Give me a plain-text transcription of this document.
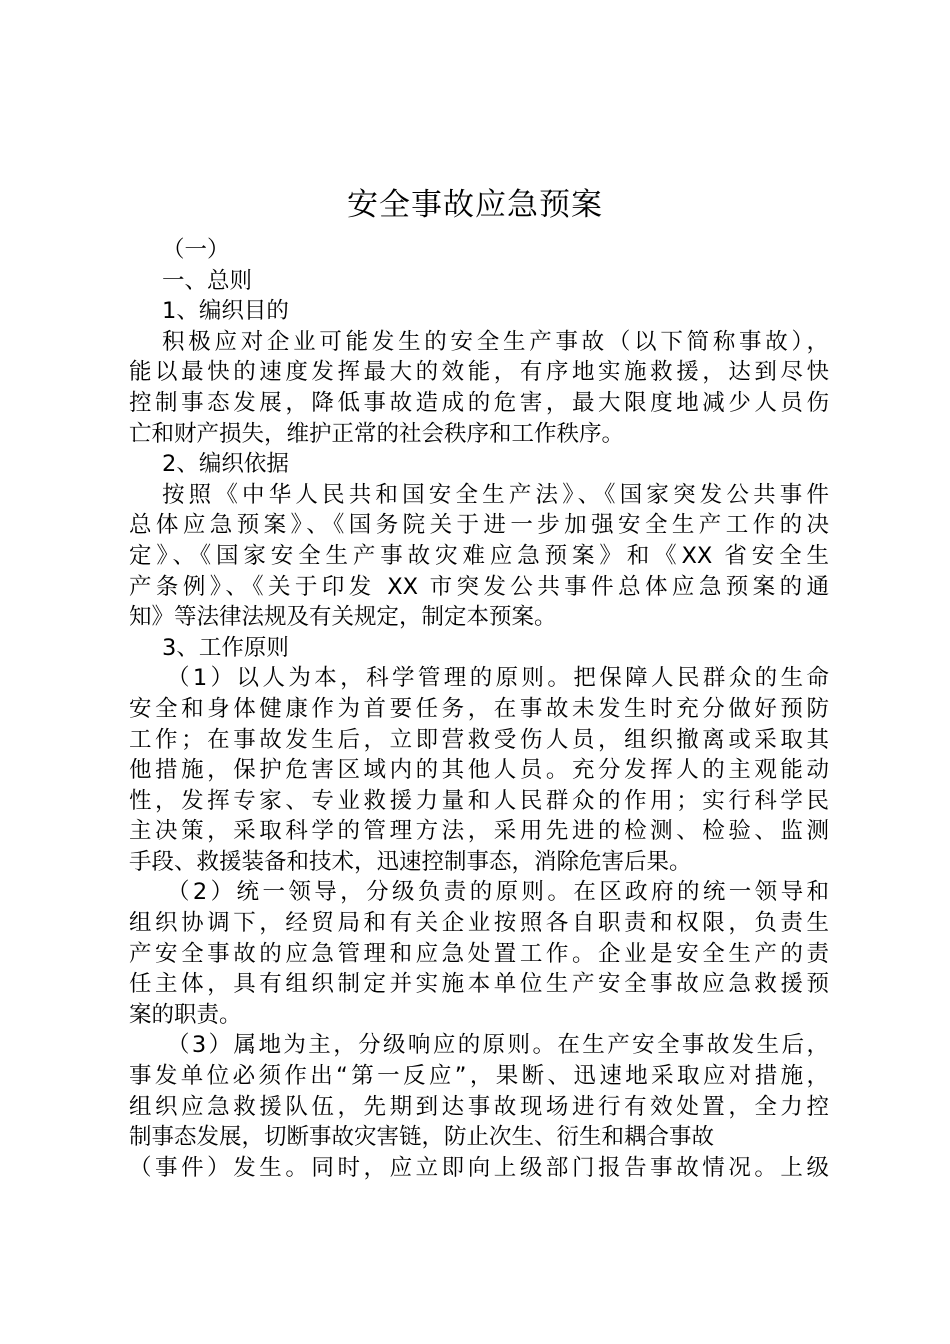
安全事故应急预案
（一）
一、总则
1、编织目的
积极应对企业可能发生的安全生产事故（以下简称事故），
能以最快的速度发挥最大的效能，有序地实施救援，达到尽快
控制事态发展，降低事故造成的危害，最大限度地减少人员伤
亡和财产损失，维护正常的社会秩序和工作秩序。
2、编织依据
按照《中华人民共和国安全生产法》、《国家突发公共事件
总体应急预案》、《国务院关于进一步加强安全生产工作的决
定》、《国家安全生产事故灾难应急预案》和《XX 省安全生
产条例》、《关于印发 XX 市突发公共事件总体应急预案的通
知》等法律法规及有关规定，制定本预案。
3、工作原则
（1）以人为本，科学管理的原则。把保障人民群众的生命
安全和身体健康作为首要任务，在事故未发生时充分做好预防
工作；在事故发生后，立即营救受伤人员，组织撤离或采取其
他措施，保护危害区域内的其他人员。充分发挥人的主观能动
性，发挥专家、专业救援力量和人民群众的作用；实行科学民
主决策，采取科学的管理方法，采用先进的检测、检验、监测
手段、救援装备和技术，迅速控制事态，消除危害后果。
（2）统一领导，分级负责的原则。在区政府的统一领导和
组织协调下，经贸局和有关企业按照各自职责和权限，负责生
产安全事故的应急管理和应急处置工作。企业是安全生产的责
任主体，具有组织制定并实施本单位生产安全事故应急救援预
案的职责。
（3）属地为主，分级响应的原则。在生产安全事故发生后，
事发单位必须作出“第一反应”，果断、迅速地采取应对措施，
组织应急救援队伍，先期到达事故现场进行有效处置，全力控
制事态发展，切断事故灾害链，防止次生、衍生和耦合事故
（事件）发生。同时，应立即向上级部门报告事故情况。上级
